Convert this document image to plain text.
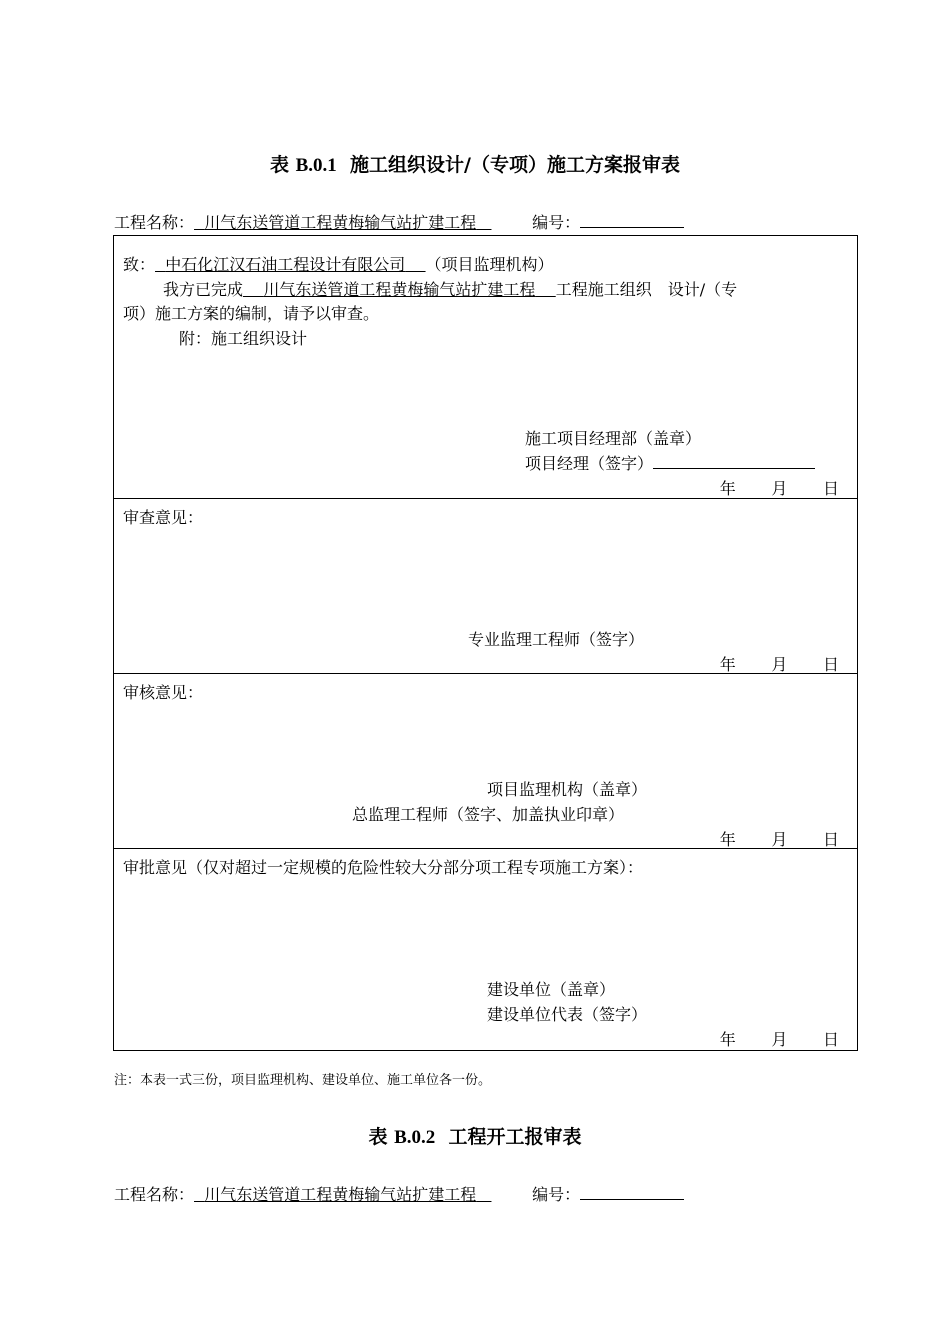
表 B.0.1 施工组织设计/（专项）施工方案报审表
工程名称： 川气东送管道工程黄梅输气站扩建工程	编号：
致： 中石化江汉石油工程设计有限公司 （项目监理机构）
我方已完成 川气东送管道工程黄梅输气站扩建工程 工程施工组织　设计/（专
项）施工方案的编制，请予以审查。
附：施工组织设计
施工项目经理部（盖章）
项目经理（签字）
年 月 日
审查意见：
专业监理工程师（签字）
年 月 日
审核意见：
项目监理机构（盖章）
总监理工程师（签字、加盖执业印章）
年 月 日
审批意见（仅对超过一定规模的危险性较大分部分项工程专项施工方案）：
建设单位（盖章）
建设单位代表（签字）
年 月 日
注：本表一式三份，项目监理机构、建设单位、施工单位各一份。
表 B.0.2 工程开工报审表
工程名称： 川气东送管道工程黄梅输气站扩建工程	编号：
